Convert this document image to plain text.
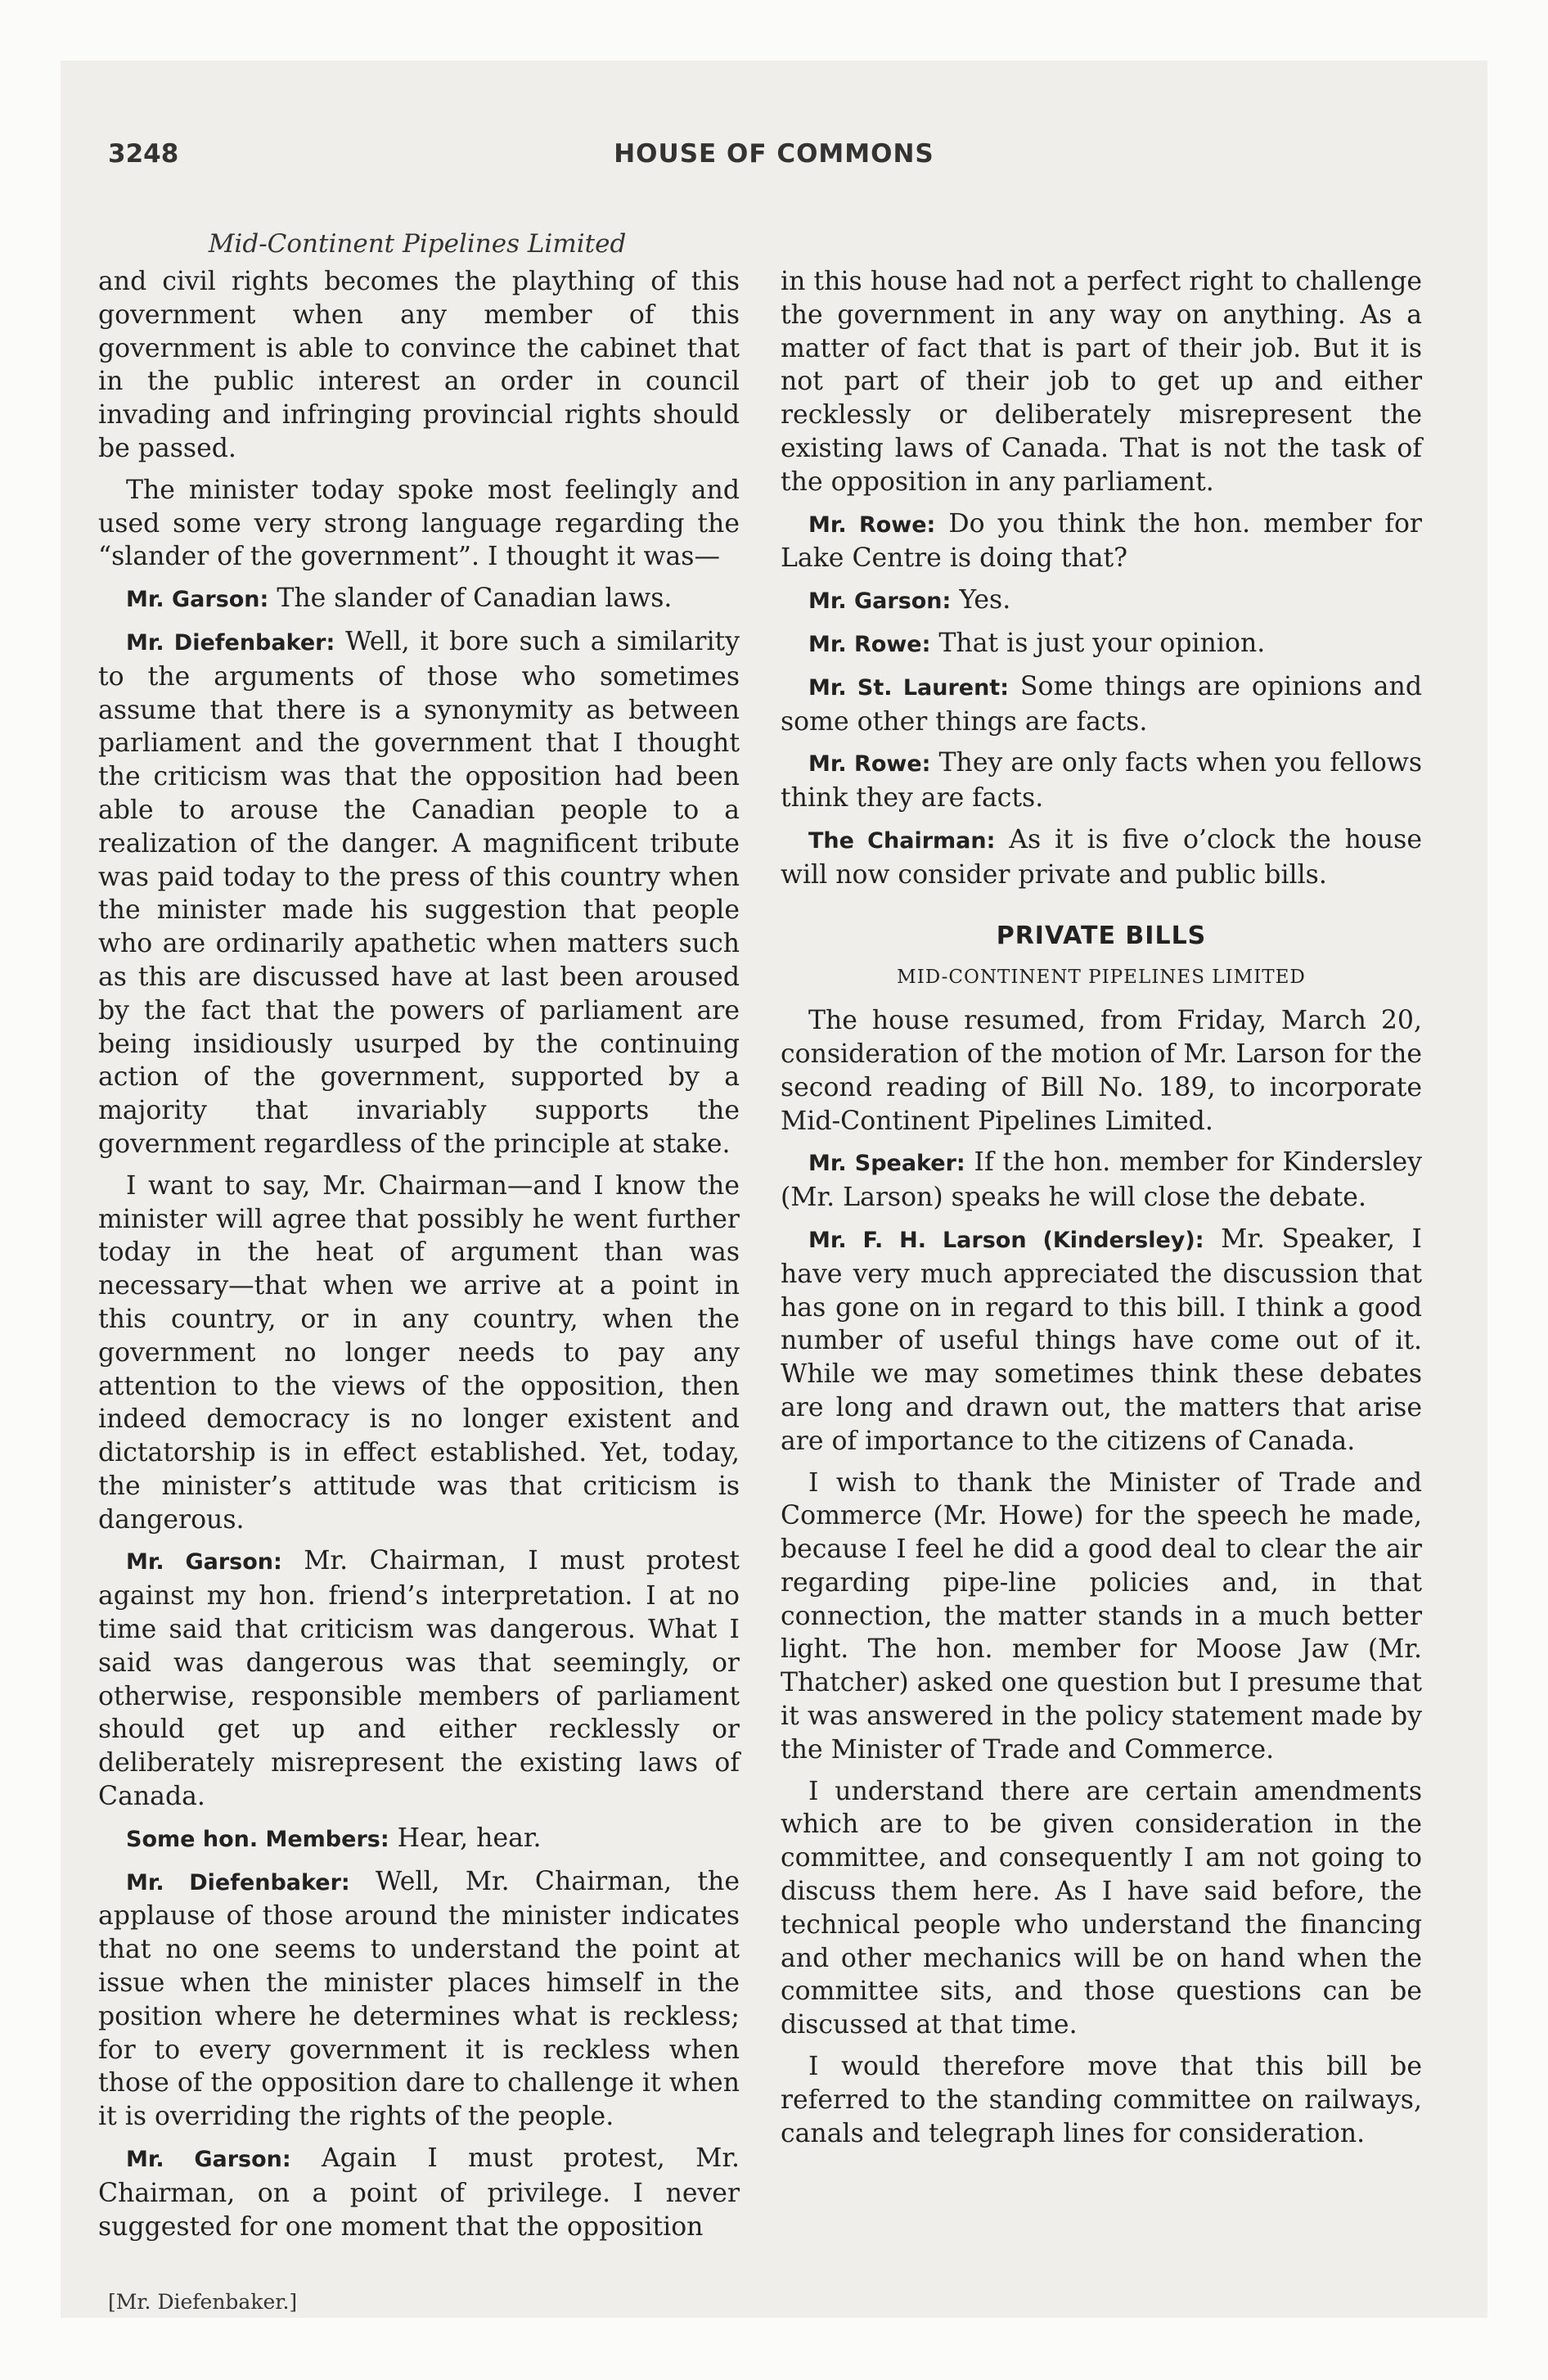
3248	HOUSE OF COMMONS
Mid-Continent Pipelines Limited

and civil rights becomes the plaything of this government when any member of this government is able to convince the cabinet that in the public interest an order in council invading and infringing provincial rights should be passed.

The minister today spoke most feelingly and used some very strong language regarding the “slander of the government”. I thought it was—

Mr. Garson: The slander of Canadian laws.

Mr. Diefenbaker: Well, it bore such a similarity to the arguments of those who sometimes assume that there is a synonymity as between parliament and the government that I thought the criticism was that the opposition had been able to arouse the Canadian people to a realization of the danger. A magnificent tribute was paid today to the press of this country when the minister made his suggestion that people who are ordinarily apathetic when matters such as this are discussed have at last been aroused by the fact that the powers of parliament are being insidiously usurped by the continuing action of the government, supported by a majority that invariably supports the government regardless of the principle at stake.

I want to say, Mr. Chairman—and I know the minister will agree that possibly he went further today in the heat of argument than was necessary—that when we arrive at a point in this country, or in any country, when the government no longer needs to pay any attention to the views of the opposition, then indeed democracy is no longer existent and dictatorship is in effect established. Yet, today, the minister’s attitude was that criticism is dangerous.

Mr. Garson: Mr. Chairman, I must protest against my hon. friend’s interpretation. I at no time said that criticism was dangerous. What I said was dangerous was that seemingly, or otherwise, responsible members of parliament should get up and either recklessly or deliberately misrepresent the existing laws of Canada.

Some hon. Members: Hear, hear.

Mr. Diefenbaker: Well, Mr. Chairman, the applause of those around the minister indicates that no one seems to understand the point at issue when the minister places himself in the position where he determines what is reckless; for to every government it is reckless when those of the opposition dare to challenge it when it is overriding the rights of the people.

Mr. Garson: Again I must protest, Mr. Chairman, on a point of privilege. I never suggested for one moment that the opposition

in this house had not a perfect right to challenge the government in any way on anything. As a matter of fact that is part of their job. But it is not part of their job to get up and either recklessly or deliberately misrepresent the existing laws of Canada. That is not the task of the opposition in any parliament.

Mr. Rowe: Do you think the hon. member for Lake Centre is doing that?

Mr. Garson: Yes.

Mr. Rowe: That is just your opinion.

Mr. St. Laurent: Some things are opinions and some other things are facts.

Mr. Rowe: They are only facts when you fellows think they are facts.

The Chairman: As it is five o’clock the house will now consider private and public bills.

PRIVATE BILLS
MID-CONTINENT PIPELINES LIMITED

The house resumed, from Friday, March 20, consideration of the motion of Mr. Larson for the second reading of Bill No. 189, to incorporate Mid-Continent Pipelines Limited.

Mr. Speaker: If the hon. member for Kindersley (Mr. Larson) speaks he will close the debate.

Mr. F. H. Larson (Kindersley): Mr. Speaker, I have very much appreciated the discussion that has gone on in regard to this bill. I think a good number of useful things have come out of it. While we may sometimes think these debates are long and drawn out, the matters that arise are of importance to the citizens of Canada.

I wish to thank the Minister of Trade and Commerce (Mr. Howe) for the speech he made, because I feel he did a good deal to clear the air regarding pipe-line policies and, in that connection, the matter stands in a much better light. The hon. member for Moose Jaw (Mr. Thatcher) asked one question but I presume that it was answered in the policy statement made by the Minister of Trade and Commerce.

I understand there are certain amendments which are to be given consideration in the committee, and consequently I am not going to discuss them here. As I have said before, the technical people who understand the financing and other mechanics will be on hand when the committee sits, and those questions can be discussed at that time.

I would therefore move that this bill be referred to the standing committee on railways, canals and telegraph lines for consideration.

[Mr. Diefenbaker.]
